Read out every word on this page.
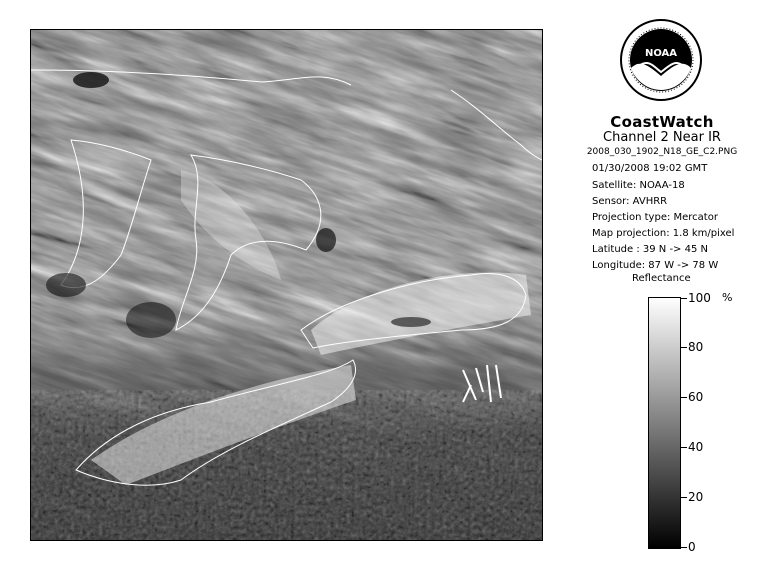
NOAA
CoastWatch
Channel 2 Near IR
2008_030_1902_N18_GE_C2.PNG
01/30/2008 19:02 GMT
Satellite: NOAA-18
Sensor: AVHRR
Projection type: Mercator
Map projection: 1.8 km/pixel
Latitude : 39 N -> 45 N
Longitude: 87 W -> 78 W
Reflectance
%
100
80
60
40
20
0
